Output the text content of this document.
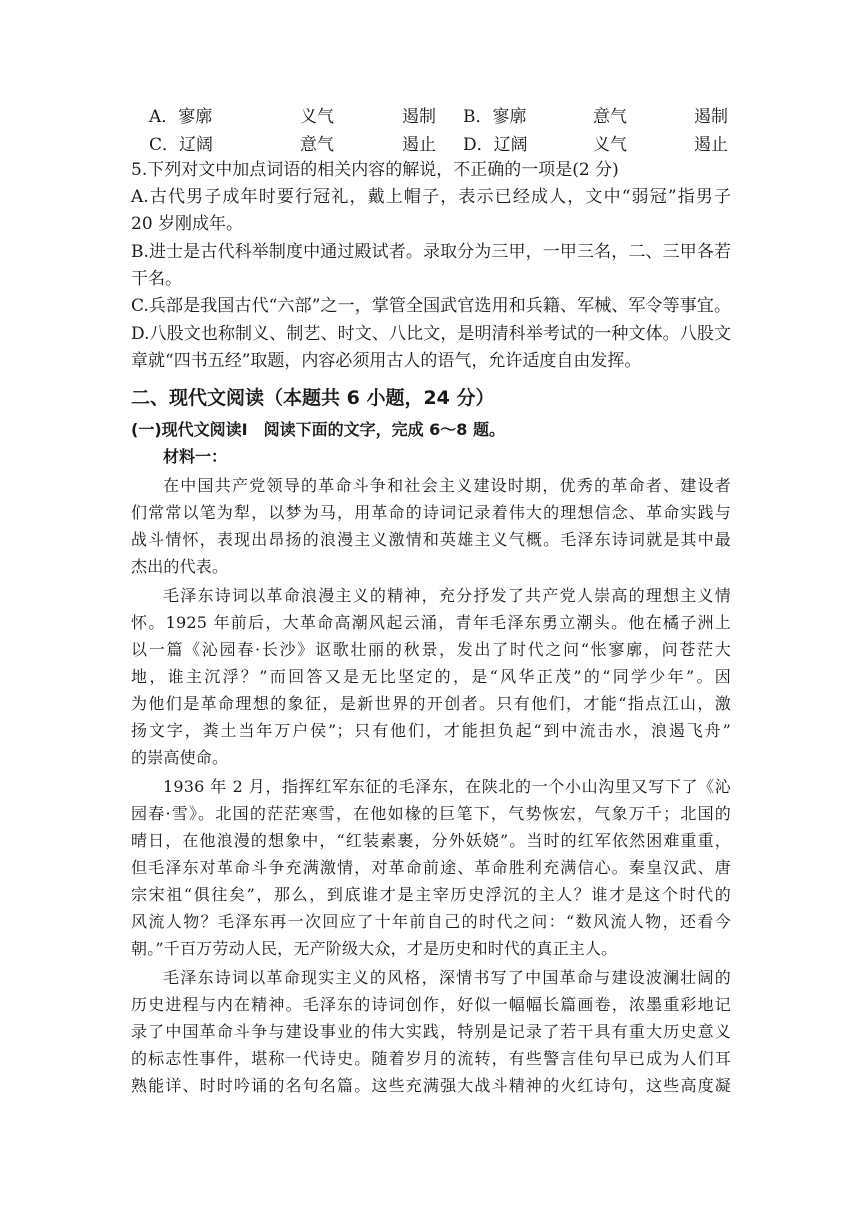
A．寥廓	义气	遏制 B．寥廓	意气	遏制
C．辽阔	意气	遏止 D．辽阔	义气	遏止
5.下列对文中加点词语的相关内容的解说，不正确的一项是(2 分)
A.古代男子成年时要行冠礼，戴上帽子，表示已经成人，文中“弱冠”指男子
20 岁刚成年。
B.进士是古代科举制度中通过殿试者。录取分为三甲，一甲三名，二、三甲各若
干名。
C.兵部是我国古代“六部”之一，掌管全国武官选用和兵籍、军械、军令等事宜。
D.八股文也称制义、制艺、时文、八比文，是明清科举考试的一种文体。八股文
章就“四书五经”取题，内容必须用古人的语气，允许适度自由发挥。
二、现代文阅读（本题共 6 小题，24 分）
(一)现代文阅读Ⅰ　阅读下面的文字，完成 6～8 题。
材料一：
在中国共产党领导的革命斗争和社会主义建设时期，优秀的革命者、建设者
们常常以笔为犁，以梦为马，用革命的诗词记录着伟大的理想信念、革命实践与
战斗情怀，表现出昂扬的浪漫主义激情和英雄主义气概。毛泽东诗词就是其中最
杰出的代表。
毛泽东诗词以革命浪漫主义的精神，充分抒发了共产党人崇高的理想主义情
怀。1925 年前后，大革命高潮风起云涌，青年毛泽东勇立潮头。他在橘子洲上
以一篇《沁园春·长沙》讴歌壮丽的秋景，发出了时代之问“怅寥廓，问苍茫大
地，谁主沉浮？”而回答又是无比坚定的，是“风华正茂”的“同学少年”。因
为他们是革命理想的象征，是新世界的开创者。只有他们，才能“指点江山，激
扬文字，粪土当年万户侯”；只有他们，才能担负起“到中流击水，浪遏飞舟”
的崇高使命。
1936 年 2 月，指挥红军东征的毛泽东，在陕北的一个小山沟里又写下了《沁
园春·雪》。北国的茫茫寒雪，在他如椽的巨笔下，气势恢宏，气象万千；北国的
晴日，在他浪漫的想象中，“红装素裹，分外妖娆”。当时的红军依然困难重重，
但毛泽东对革命斗争充满激情，对革命前途、革命胜利充满信心。秦皇汉武、唐
宗宋祖“俱往矣”，那么，到底谁才是主宰历史浮沉的主人？谁才是这个时代的
风流人物？毛泽东再一次回应了十年前自己的时代之问：“数风流人物，还看今
朝。”千百万劳动人民，无产阶级大众，才是历史和时代的真正主人。
毛泽东诗词以革命现实主义的风格，深情书写了中国革命与建设波澜壮阔的
历史进程与内在精神。毛泽东的诗词创作，好似一幅幅长篇画卷，浓墨重彩地记
录了中国革命斗争与建设事业的伟大实践，特别是记录了若干具有重大历史意义
的标志性事件，堪称一代诗史。随着岁月的流转，有些警言佳句早已成为人们耳
熟能详、时时吟诵的名句名篇。这些充满强大战斗精神的火红诗句，这些高度凝
